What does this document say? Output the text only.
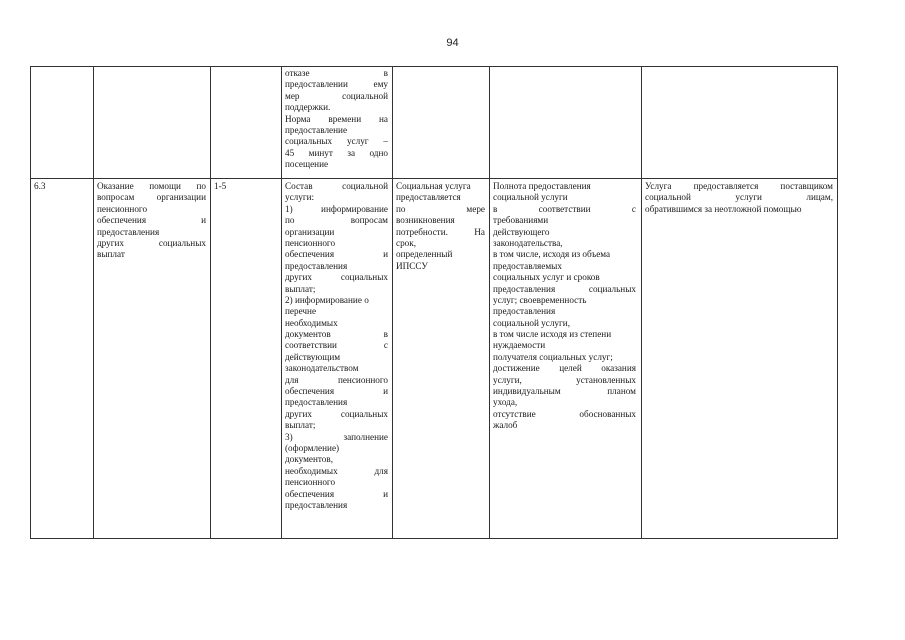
94
отказе в
предоставлении ему
мер социальной
поддержки.
Норма времени на
предоставление
социальных услуг –
45 минут за одно
посещение
6.3	Оказание помощи по
вопросам организации
пенсионного
обеспечения и
предоставления
других социальных
выплат
1-5	Состав социальной
услуги:
1) информирование
по вопросам
организации
пенсионного
обеспечения и
предоставления
других социальных
выплат;
2) информирование о
перечне
необходимых
документов в
соответствии с
действующим
законодательством
для пенсионного
обеспечения и
предоставления
других социальных
выплат;
3) заполнение
(оформление)
документов,
необходимых для
пенсионного
обеспечения и
предоставления
Социальная услуга
предоставляется
по мере
возникновения
потребности. На
срок,
определенный
ИПССУ
Полнота предоставления
социальной услуги
в соответствии с
требованиями
действующего
законодательства,
в том числе, исходя из объема
предоставляемых
социальных услуг и сроков
предоставления социальных
услуг; своевременность
предоставления
социальной услуги,
в том числе исходя из степени
нуждаемости
получателя социальных услуг;
достижение целей оказания
услуги, установленных
индивидуальным планом
ухода,
отсутствие обоснованных
жалоб
Услуга предоставляется поставщиком
социальной услуги лицам,
обратившимся за неотложной помощью
